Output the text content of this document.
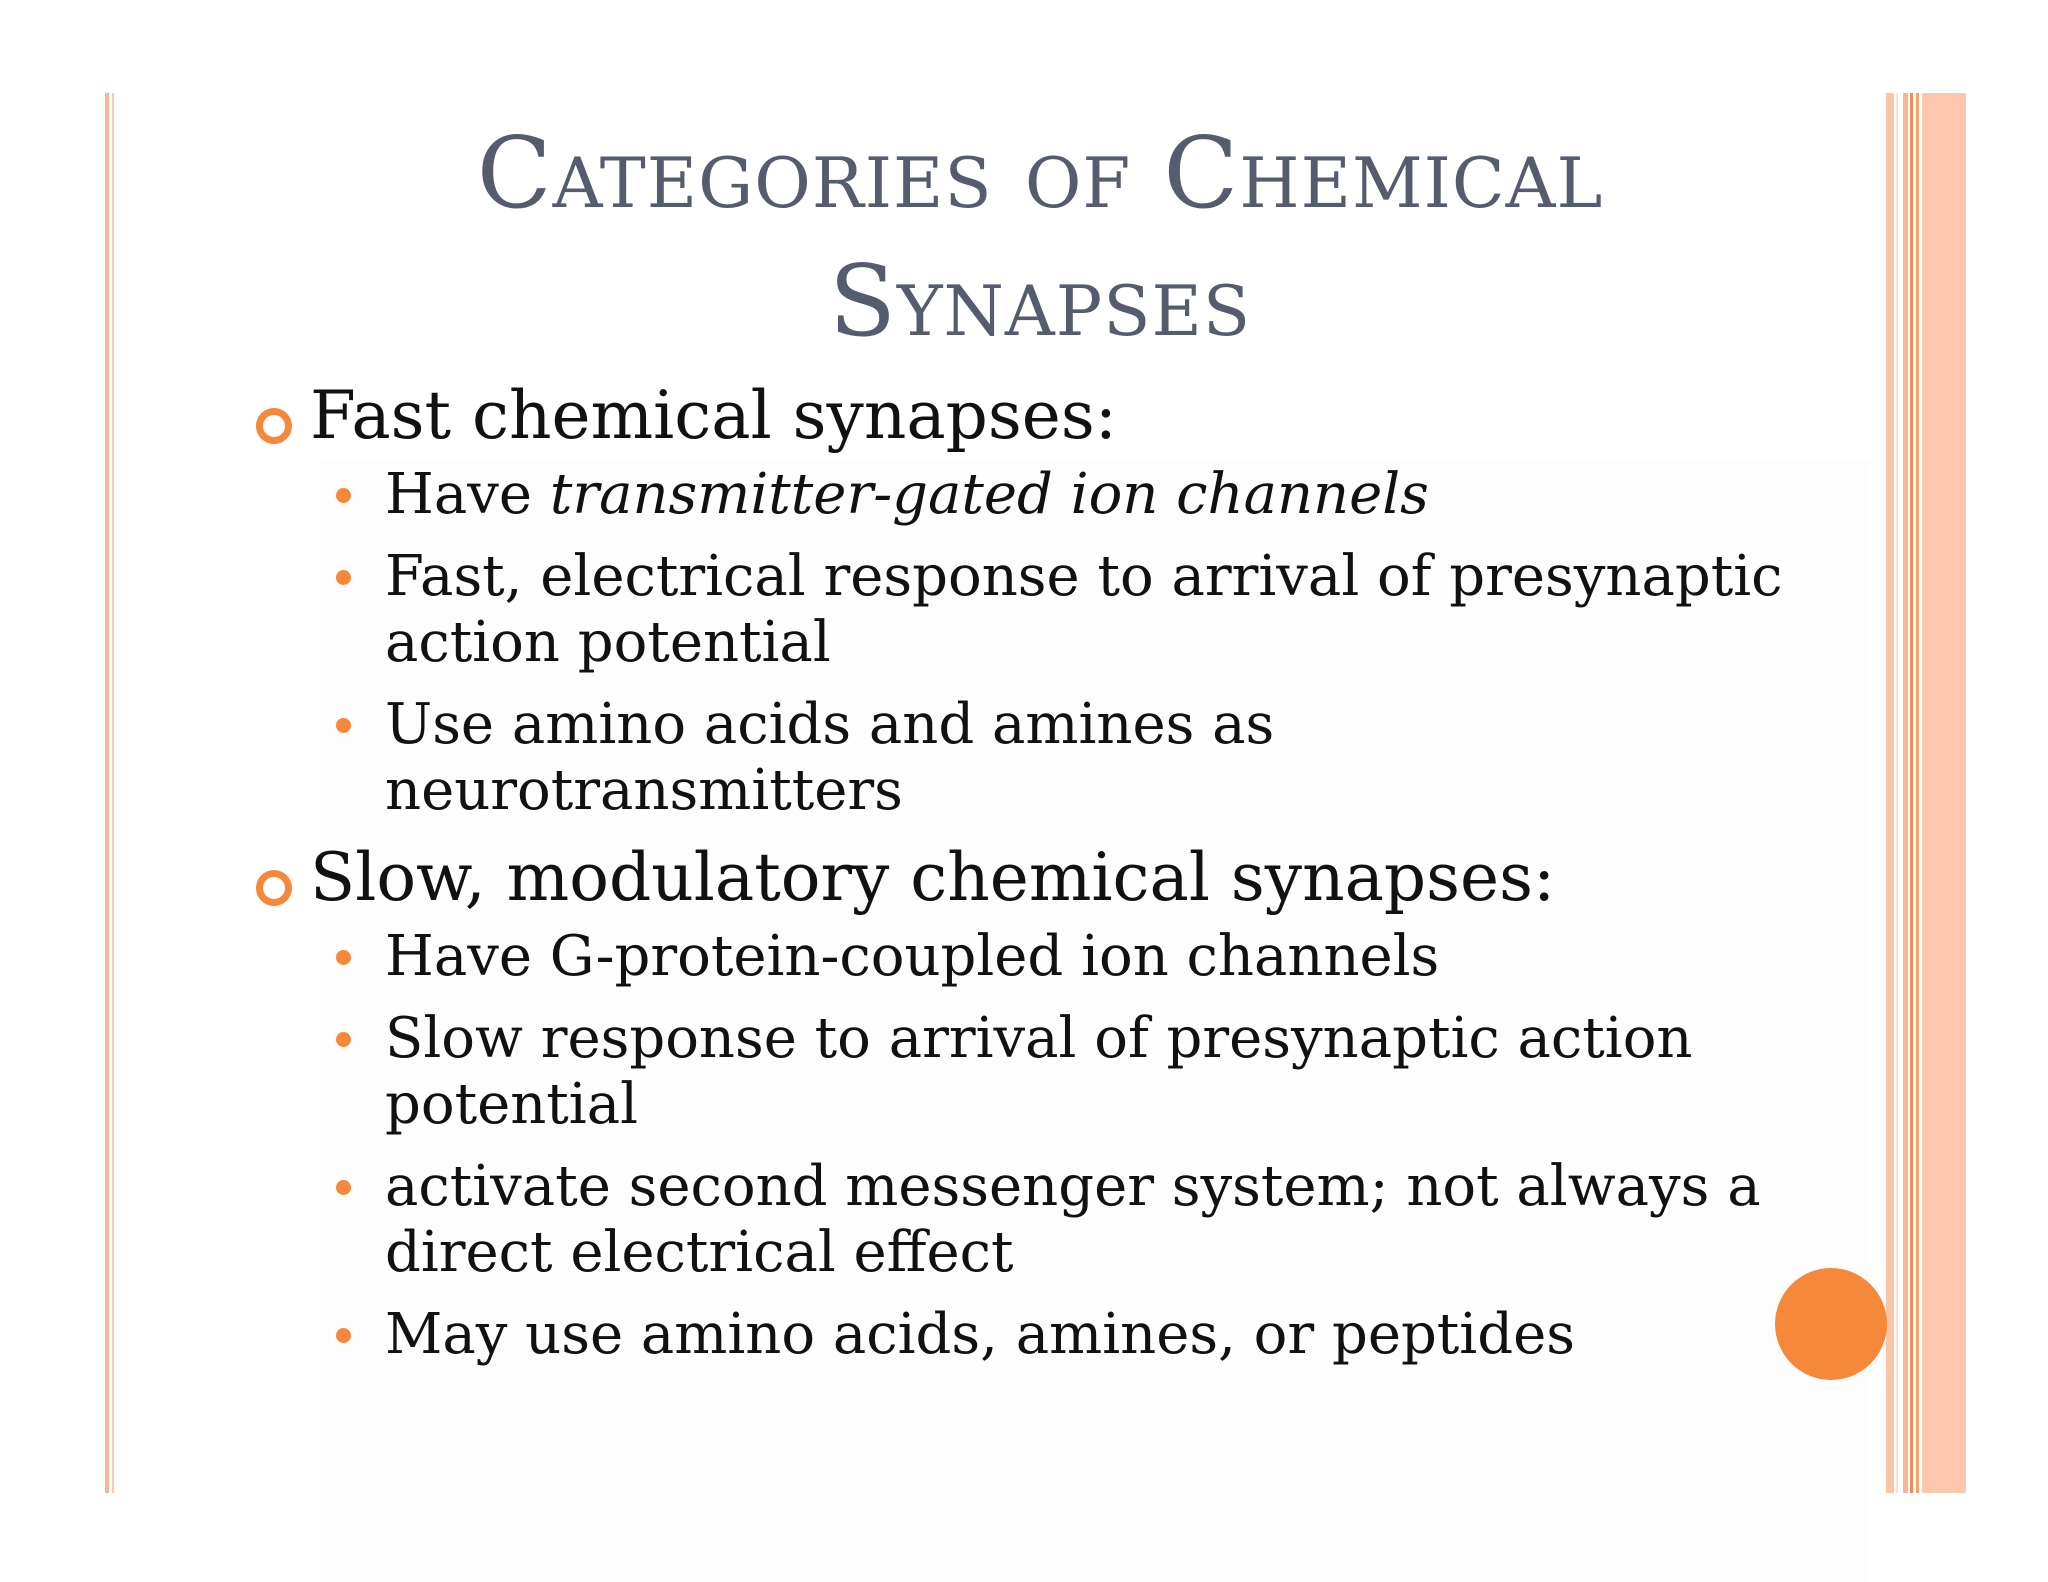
Categories of Chemical
Synapses
Fast chemical synapses:
Have transmitter-gated ion channels
Fast, electrical response to arrival of presynaptic
action potential
Use amino acids and amines as
neurotransmitters
Slow, modulatory chemical synapses:
Have G-protein-coupled ion channels
Slow response to arrival of presynaptic action
potential
activate second messenger system; not always a
direct electrical effect
May use amino acids, amines, or peptides
